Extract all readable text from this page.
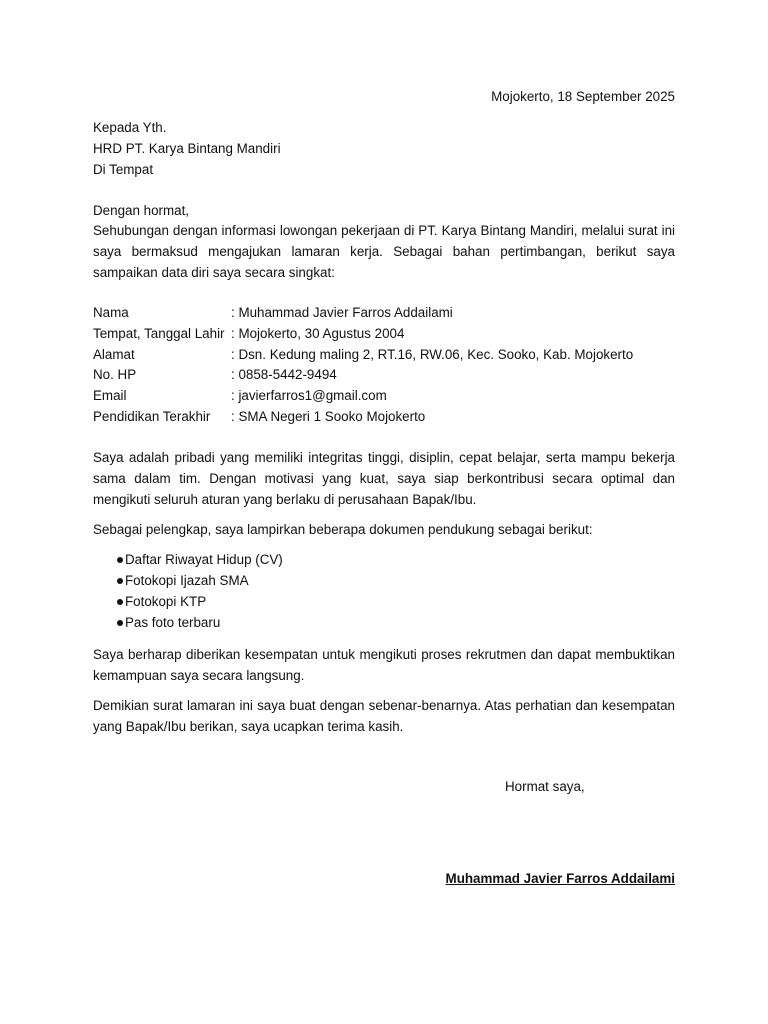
Mojokerto, 18 September 2025
Kepada Yth.
HRD PT. Karya Bintang Mandiri
Di Tempat
Dengan hormat,
Sehubungan dengan informasi lowongan pekerjaan di PT. Karya Bintang Mandiri, melalui surat ini saya bermaksud mengajukan lamaran kerja. Sebagai bahan pertimbangan, berikut saya sampaikan data diri saya secara singkat:
Nama	: Muhammad Javier Farros Addailami
Tempat, Tanggal Lahir : Mojokerto, 30 Agustus 2004
Alamat	: Dsn. Kedung maling 2, RT.16, RW.06, Kec. Sooko, Kab. Mojokerto
No. HP	: 0858-5442-9494
Email	: javierfarros1@gmail.com
Pendidikan Terakhir : SMA Negeri 1 Sooko Mojokerto
Saya adalah pribadi yang memiliki integritas tinggi, disiplin, cepat belajar, serta mampu bekerja sama dalam tim. Dengan motivasi yang kuat, saya siap berkontribusi secara optimal dan mengikuti seluruh aturan yang berlaku di perusahaan Bapak/Ibu.
Sebagai pelengkap, saya lampirkan beberapa dokumen pendukung sebagai berikut:
Daftar Riwayat Hidup (CV)
Fotokopi Ijazah SMA
Fotokopi KTP
Pas foto terbaru
Saya berharap diberikan kesempatan untuk mengikuti proses rekrutmen dan dapat membuktikan kemampuan saya secara langsung.
Demikian surat lamaran ini saya buat dengan sebenar-benarnya. Atas perhatian dan kesempatan yang Bapak/Ibu berikan, saya ucapkan terima kasih.
Hormat saya,
Muhammad Javier Farros Addailami
